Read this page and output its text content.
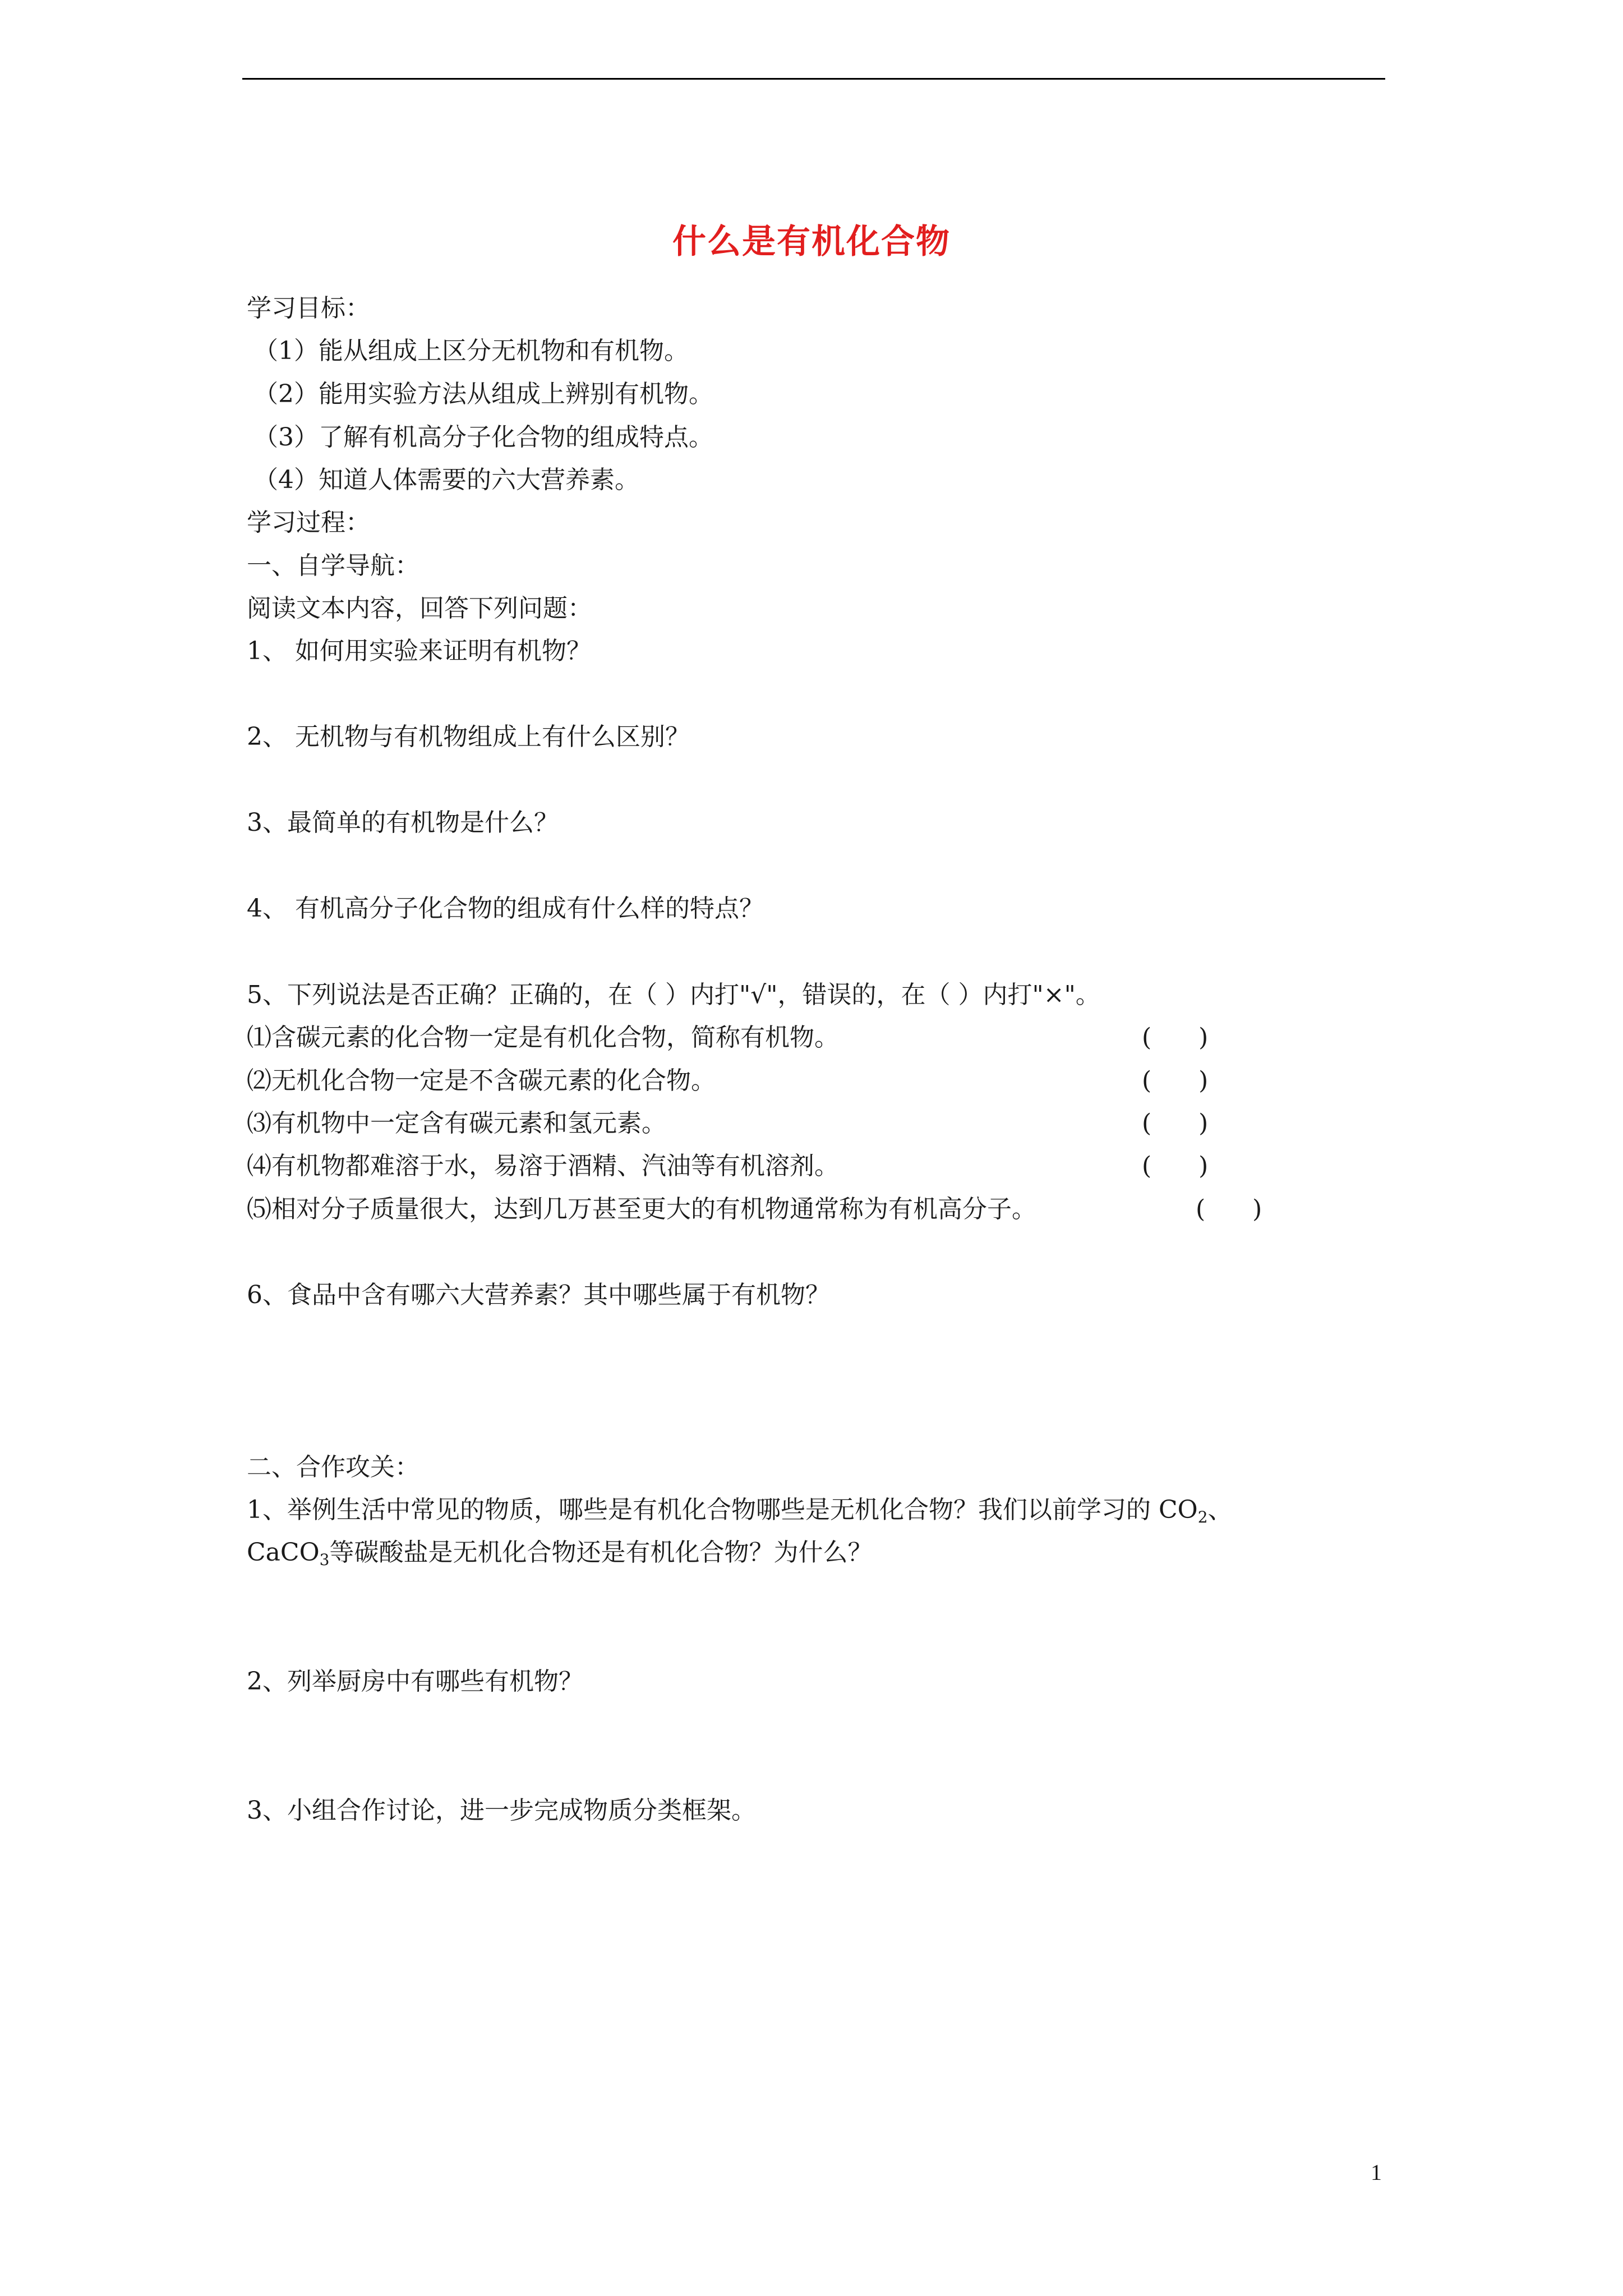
什么是有机化合物
学习目标：
（1）能从组成上区分无机物和有机物。
（2）能用实验方法从组成上辨别有机物。
（3）了解有机高分子化合物的组成特点。
（4）知道人体需要的六大营养素。
学习过程：
一、自学导航：
阅读文本内容，回答下列问题：
1、 如何用实验来证明有机物？
2、 无机物与有机物组成上有什么区别？
3、最简单的有机物是什么？
4、 有机高分子化合物的组成有什么样的特点？
5、下列说法是否正确？正确的，在（ ）内打"√"，错误的，在（ ）内打"×"。
⑴含碳元素的化合物一定是有机化合物，简称有机物。	(      )
⑵无机化合物一定是不含碳元素的化合物。	(      )
⑶有机物中一定含有碳元素和氢元素。	(      )
⑷有机物都难溶于水，易溶于酒精、汽油等有机溶剂。	(      )
⑸相对分子质量很大，达到几万甚至更大的有机物通常称为有机高分子。	(      )
6、食品中含有哪六大营养素？其中哪些属于有机物？
二、合作攻关：
1、举例生活中常见的物质，哪些是有机化合物哪些是无机化合物？我们以前学习的 $CO_2$、
CaCO$_3$等碳酸盐是无机化合物还是有机化合物？为什么？
2、列举厨房中有哪些有机物？
3、小组合作讨论，进一步完成物质分类框架。
1
